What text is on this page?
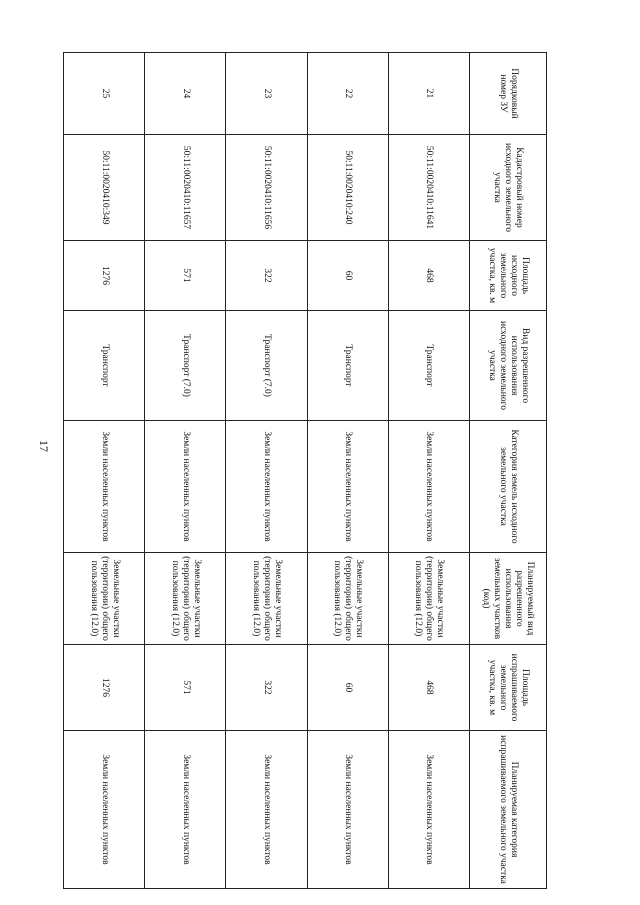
17
Порядковый номер ЗУ	Кадастровый номер исходного земельного участка	Площадь исходного земельного участка, кв. м	Вид разрешенного использования исходного земельного участка	Категория земель исходного земельного участка	Планируемый вид разрешенного использования земельных участков (код)	Площадь испрашиваемого земельного участка, кв. м	Планируемая категория испрашиваемого земельного участка
21	50:11:0020410:11641	468	Транспорт	Земли населенных пунктов	Земельные участки (территории) общего пользования (12.0)	468	Земли населенных пунктов
22	50:11:0020410:240	60	Транспорт	Земли населенных пунктов	Земельные участки (территории) общего пользования (12.0)	60	Земли населенных пунктов
23	50:11:0020410:11656	322	Транспорт (7.0)	Земли населенных пунктов	Земельные участки (территории) общего пользования (12.0)	322	Земли населенных пунктов
24	50:11:0020410:11657	571	Транспорт (7.0)	Земли населенных пунктов	Земельные участки (территории) общего пользования (12.0)	571	Земли населенных пунктов
25	50:11:0020410:349	1276	Транспорт	Земли населенных пунктов	Земельные участки (территории) общего пользования (12.0)	1276	Земли населенных пунктов
